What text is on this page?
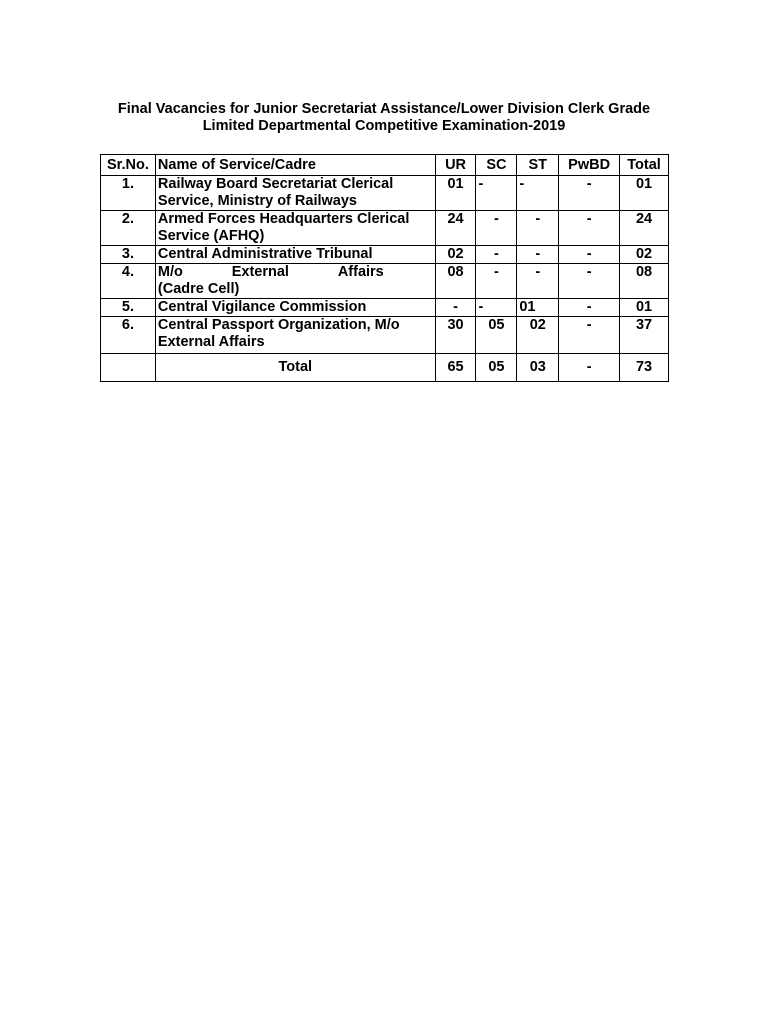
Final Vacancies for Junior Secretariat Assistance/Lower Division Clerk Grade
Limited Departmental Competitive Examination-2019
Sr.No.	Name of Service/Cadre	UR	SC	ST	PwBD	Total
1.	Railway Board Secretariat Clerical
Service, Ministry of Railways	01	-	-	-	01
2.	Armed Forces Headquarters Clerical
Service (AFHQ)	24	-	-	-	24
3.	Central Administrative Tribunal	02	-	-	-	02
4.	M/o External Affairs
(Cadre Cell)	08	-	-	-	08
5.	Central Vigilance Commission	-	-	01	-	01
6.	Central Passport Organization, M/o
External Affairs	30	05	02	-	37
	Total	65	05	03	-	73
